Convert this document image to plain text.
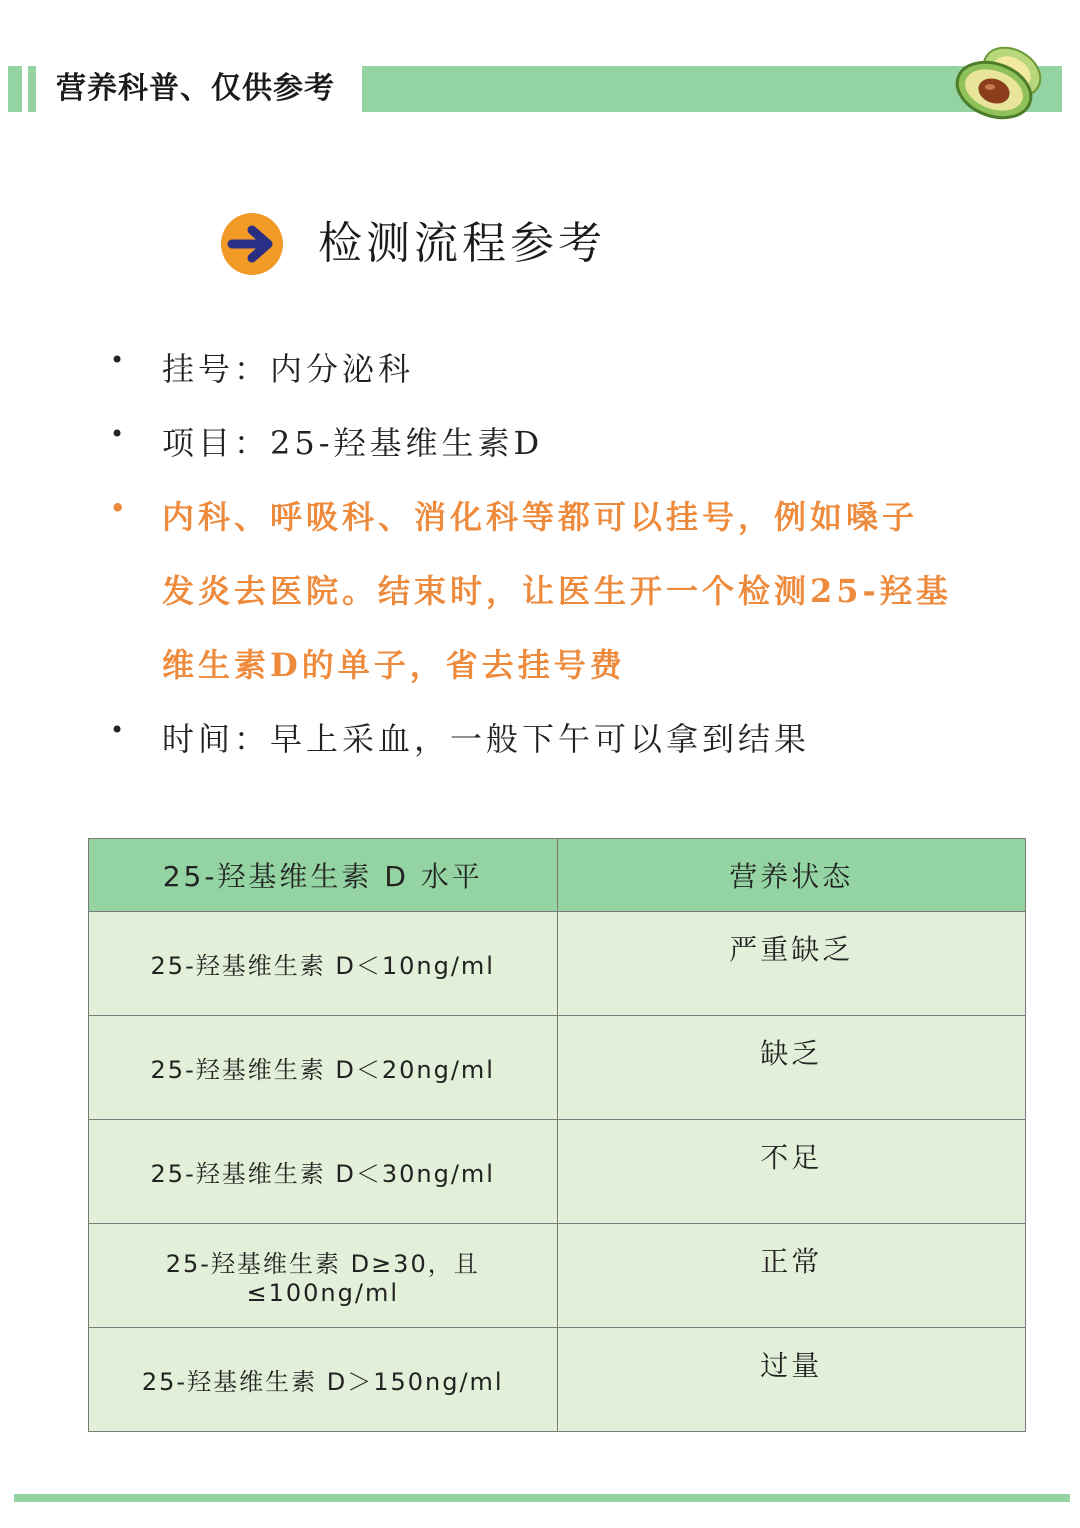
营养科普、仅供参考
检测流程参考
• 挂号：内分泌科
• 项目：25-羟基维生素D
• 内科、呼吸科、消化科等都可以挂号，例如嗓子
发炎去医院。结束时，让医生开一个检测25-羟基
维生素D的单子，省去挂号费
• 时间：早上采血，一般下午可以拿到结果
25-羟基维生素 D 水平	营养状态
25-羟基维生素 D＜10ng/ml	严重缺乏
25-羟基维生素 D＜20ng/ml	缺乏
25-羟基维生素 D＜30ng/ml	不足
25-羟基维生素 D≥30，且≤100ng/ml	正常
25-羟基维生素 D＞150ng/ml	过量
